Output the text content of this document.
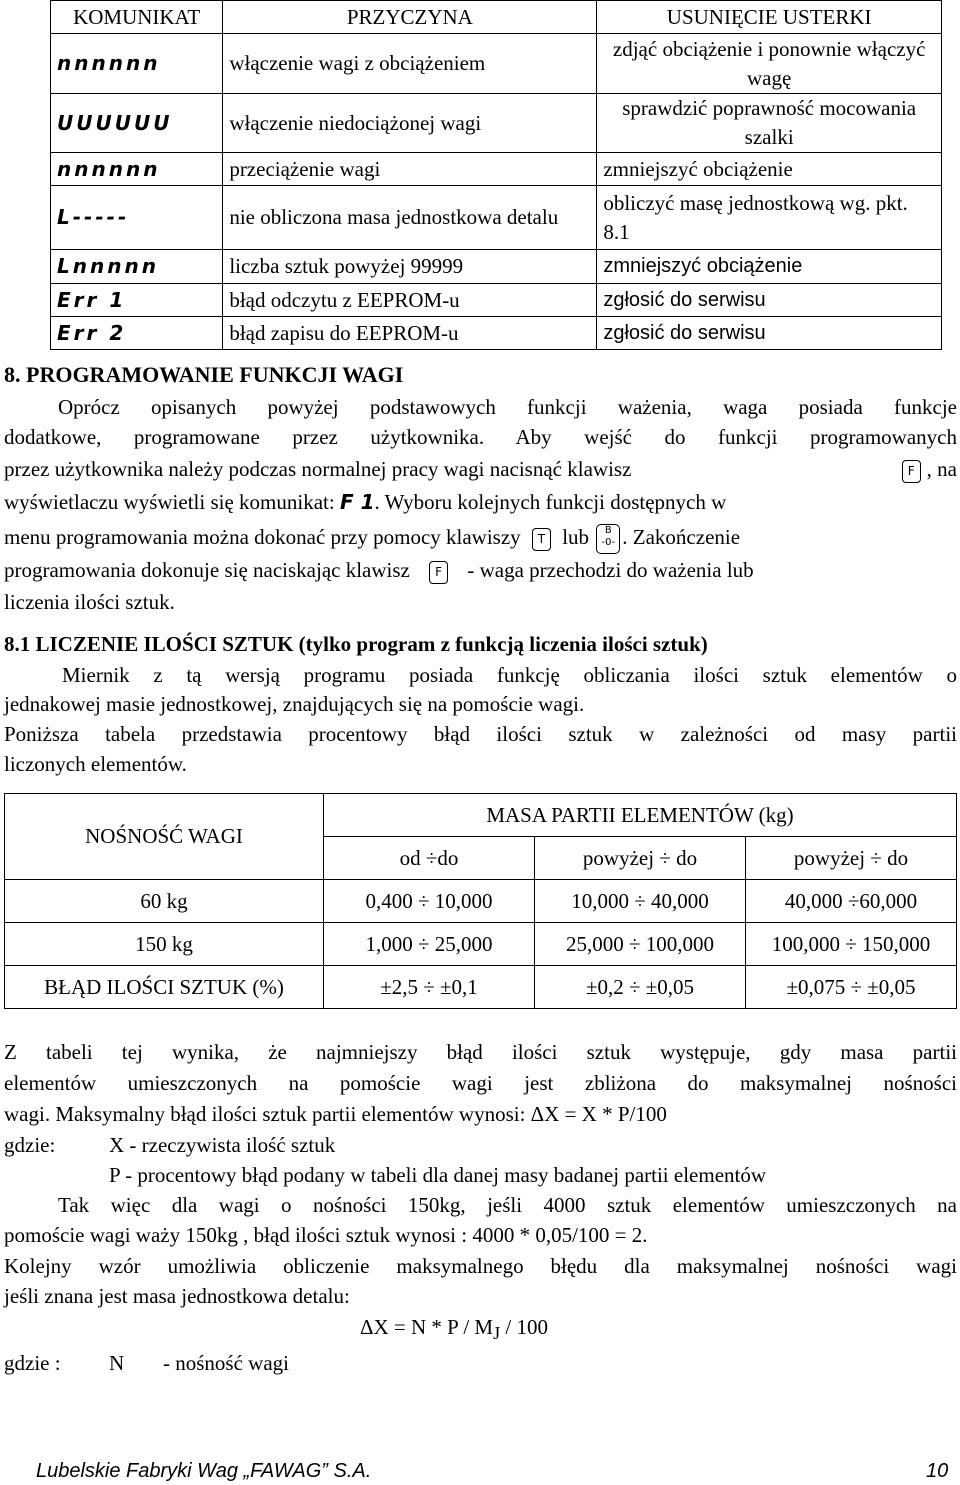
KOMUNIKAT	PRZYCZYNA	USUNIĘCIE USTERKI
nnnnnn	włączenie wagi z obciążeniem	zdjąć obciążenie i ponownie włączyć wagę
UUUUUU	włączenie niedociążonej wagi	sprawdzić poprawność mocowania szalki
nnnnnn	przeciążenie wagi	zmniejszyć obciążenie
L-----	nie obliczona masa jednostkowa detalu	obliczyć masę jednostkową wg. pkt. 8.1
Lnnnnn	liczba sztuk powyżej 99999	zmniejszyć obciążenie
Err 1	błąd odczytu z EEPROM-u	zgłosić do serwisu
Err 2	błąd zapisu do EEPROM-u	zgłosić do serwisu
8. PROGRAMOWANIE FUNKCJI WAGI
Oprócz opisanych powyżej podstawowych funkcji ważenia, waga posiada funkcje
dodatkowe, programowane przez użytkownika. Aby wejść do funkcji programowanych
przez użytkownika należy podczas normalnej pracy wagi nacisnąć klawisz	F , na
wyświetlaczu wyświetli się komunikat: F 1. Wyboru kolejnych funkcji dostępnych w
menu programowania można dokonać przy pomocy klawiszy T lub B
-0- . Zakończenie
programowania dokonuje się naciskając klawisz F - waga przechodzi do ważenia lub
liczenia ilości sztuk.
8.1 LICZENIE ILOŚCI SZTUK (tylko program z funkcją liczenia ilości sztuk)
Miernik z tą wersją programu posiada funkcję obliczania ilości sztuk elementów o
jednakowej masie jednostkowej, znajdujących się na pomoście wagi.
Poniższa tabela przedstawia procentowy błąd ilości sztuk w zależności od masy partii
liczonych elementów.
NOŚNOŚĆ WAGI	MASA PARTII ELEMENTÓW (kg)		
	od ÷do	powyżej ÷ do	powyżej ÷ do
60 kg	0,400 ÷ 10,000	10,000 ÷ 40,000	40,000 ÷60,000
150 kg	1,000 ÷ 25,000	25,000 ÷ 100,000	100,000 ÷ 150,000
BŁĄD ILOŚCI SZTUK (%)	±2,5 ÷ ±0,1	±0,2 ÷ ±0,05	±0,075 ÷ ±0,05
Z tabeli tej wynika, że najmniejszy błąd ilości sztuk występuje, gdy masa partii
elementów umieszczonych na pomoście wagi jest zbliżona do maksymalnej nośności
wagi. Maksymalny błąd ilości sztuk partii elementów wynosi: ΔX = X * P/100
gdzie:	X - rzeczywista ilość sztuk
P - procentowy błąd podany w tabeli dla danej masy badanej partii elementów
Tak więc dla wagi o nośności 150kg, jeśli 4000 sztuk elementów umieszczonych na
pomoście wagi waży 150kg , błąd ilości sztuk wynosi : 4000 * 0,05/100 = 2.
Kolejny wzór umożliwia obliczenie maksymalnego błędu dla maksymalnej nośności wagi
jeśli znana jest masa jednostkowa detalu:
$\Delta X = N * P / M_J / 100$
gdzie : N - nośność wagi
Lubelskie Fabryki Wag „FAWAG” S.A.	10
